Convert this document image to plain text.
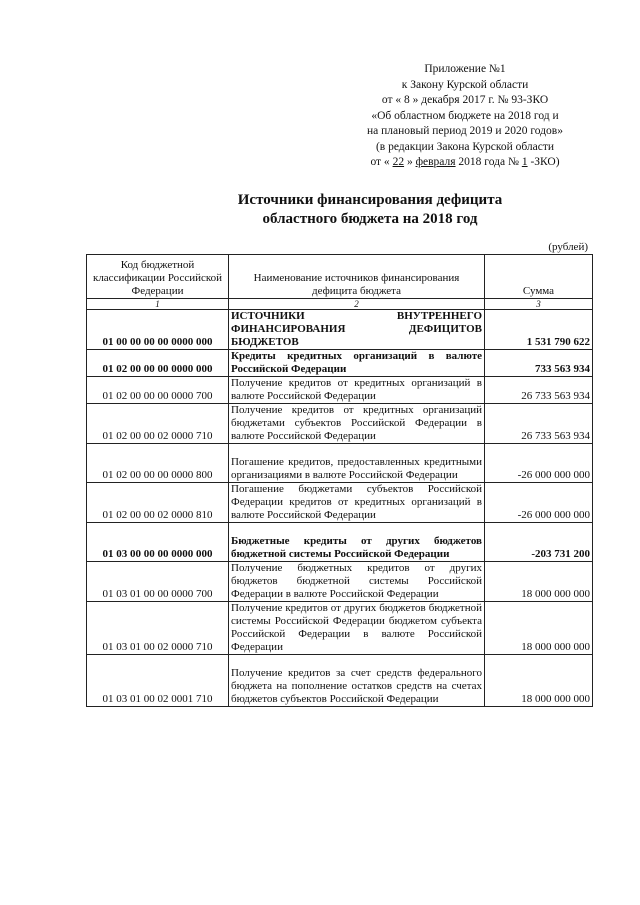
Приложение №1
к Закону Курской области
от « 8 » декабря 2017 г. № 93-ЗКО
«Об областном бюджете на 2018 год и
на плановый период 2019 и 2020 годов»
(в редакции Закона Курской области
от « 22 » февраля 2018 года № 1 -ЗКО)
Источники финансирования дефицита
областного бюджета на 2018 год
(рублей)
Код бюджетной классификации Российской Федерации	Наименование источников финансирования дефицита бюджета	Сумма
1	2	3
01 00 00 00 00 0000 000	ИСТОЧНИКИ ВНУТРЕННЕГО ФИНАНСИРОВАНИЯ ДЕФИЦИТОВ БЮДЖЕТОВ	1 531 790 622
01 02 00 00 00 0000 000	Кредиты кредитных организаций в валюте Российской Федерации	733 563 934
01 02 00 00 00 0000 700	Получение кредитов от кредитных организаций в валюте Российской Федерации	26 733 563 934
01 02 00 00 02 0000 710	Получение кредитов от кредитных организаций бюджетами субъектов Российской Федерации в валюте Российской Федерации	26 733 563 934
01 02 00 00 00 0000 800	Погашение кредитов, предоставленных кредитными организациями в валюте Российской Федерации	-26 000 000 000
01 02 00 00 02 0000 810	Погашение бюджетами субъектов Российской Федерации кредитов от кредитных организаций в валюте Российской Федерации	-26 000 000 000
01 03 00 00 00 0000 000	Бюджетные кредиты от других бюджетов бюджетной системы Российской Федерации	-203 731 200
01 03 01 00 00 0000 700	Получение бюджетных кредитов от других бюджетов бюджетной системы Российской Федерации в валюте Российской Федерации	18 000 000 000
01 03 01 00 02 0000 710	Получение кредитов от других бюджетов бюджетной системы Российской Федерации бюджетом субъекта Российской Федерации в валюте Российской Федерации	18 000 000 000
01 03 01 00 02 0001 710	Получение кредитов за счет средств федерального бюджета на пополнение остатков средств на счетах бюджетов субъектов Российской Федерации	18 000 000 000
